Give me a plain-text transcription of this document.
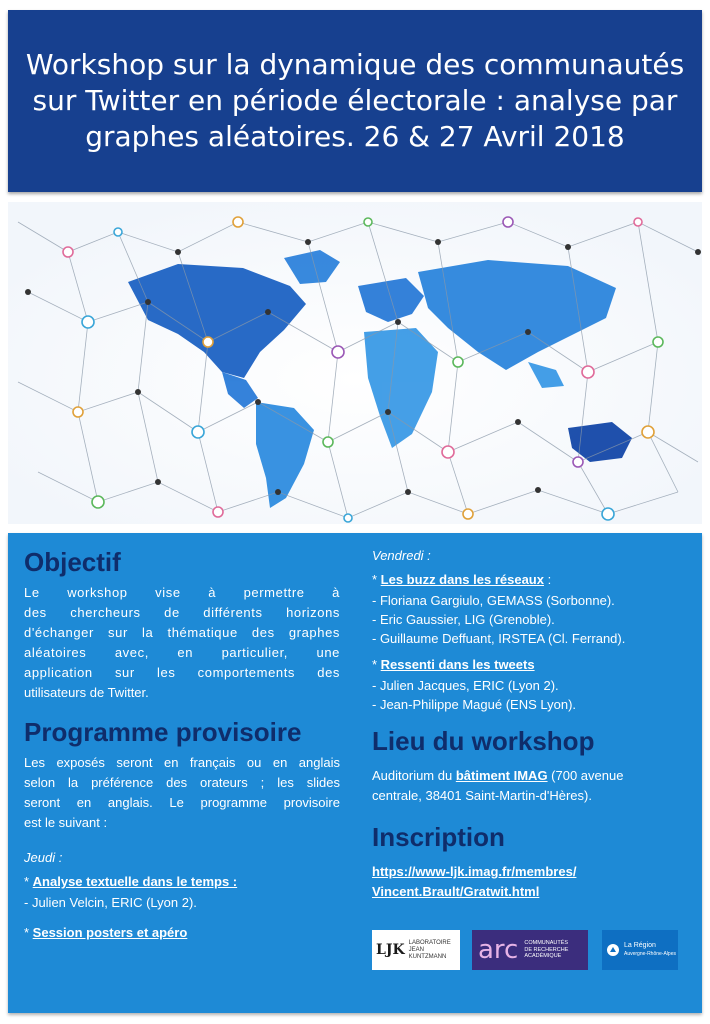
Workshop sur la dynamique des communautés
sur Twitter en période électorale : analyse par
graphes aléatoires. 26 & 27 Avril 2018
Objectif

Le workshop vise à permettre à

des chercheurs de différents horizons

d'échanger sur la thématique des graphes

aléatoires avec, en particulier, une

application sur les comportements des

utilisateurs de Twitter.

Programme provisoire

Les exposés seront en français ou en anglais

selon la préférence des orateurs ; les slides

seront en anglais. Le programme provisoire

est le suivant :

Jeudi :

* Analyse textuelle dans le temps :

- Julien Velcin, ERIC (Lyon 2).

* Session posters et apéro

Vendredi :

* Les buzz dans les réseaux :

- Floriana Gargiulo, GEMASS (Sorbonne).

- Eric Gaussier, LIG (Grenoble).

- Guillaume Deffuant, IRSTEA (Cl. Ferrand).

* Ressenti dans les tweets

- Julien Jacques, ERIC (Lyon 2).

- Jean-Philippe Magué (ENS Lyon).

Lieu du workshop

Auditorium du bâtiment IMAG (700 avenue

centrale, 38401 Saint-Martin-d'Hères).

Inscription
https://www-ljk.imag.fr/membres/
Vincent.Brault/Gratwit.html
LJK LABORATOIRE
JEAN KUNTZMANN	arc COMMUNAUTÉS
DE RECHERCHE
ACADÉMIQUE
La Région
Auvergne-Rhône-Alpes
